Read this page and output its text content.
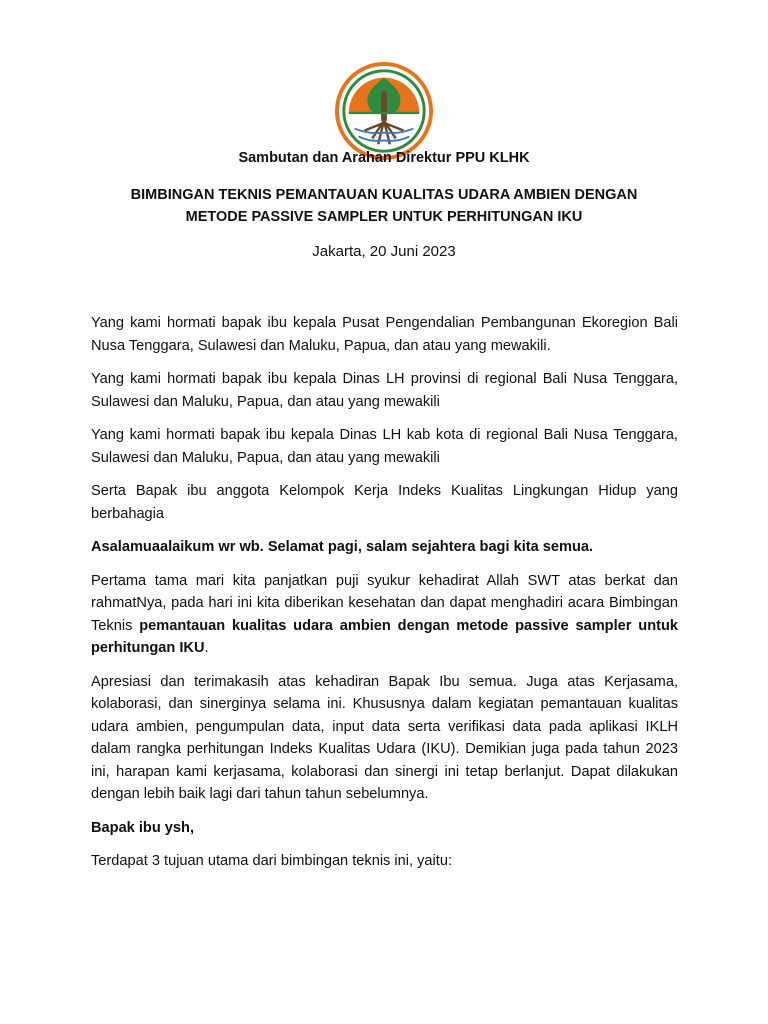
Sambutan dan Arahan Direktur PPU KLHK
BIMBINGAN TEKNIS PEMANTAUAN KUALITAS UDARA AMBIEN DENGAN
METODE PASSIVE SAMPLER UNTUK PERHITUNGAN IKU
Jakarta, 20 Juni 2023

Yang kami hormati bapak ibu kepala Pusat Pengendalian Pembangunan Ekoregion Bali Nusa Tenggara, Sulawesi dan Maluku, Papua, dan atau yang mewakili.

Yang kami hormati bapak ibu kepala Dinas LH provinsi di regional Bali Nusa Tenggara, Sulawesi dan Maluku, Papua, dan atau yang mewakili

Yang kami hormati bapak ibu kepala Dinas LH kab kota di regional Bali Nusa Tenggara, Sulawesi dan Maluku, Papua, dan atau yang mewakili

Serta Bapak ibu anggota Kelompok Kerja Indeks Kualitas Lingkungan Hidup yang berbahagia

Asalamuaalaikum wr wb. Selamat pagi, salam sejahtera bagi kita semua.

Pertama tama mari kita panjatkan puji syukur kehadirat Allah SWT atas berkat dan rahmatNya, pada hari ini kita diberikan kesehatan dan dapat menghadiri acara Bimbingan Teknis pemantauan kualitas udara ambien dengan metode passive sampler untuk perhitungan IKU.

Apresiasi dan terimakasih atas kehadiran Bapak Ibu semua. Juga atas Kerjasama, kolaborasi, dan sinerginya selama ini. Khususnya dalam kegiatan pemantauan kualitas udara ambien, pengumpulan data, input data serta verifikasi data pada aplikasi IKLH dalam rangka perhitungan Indeks Kualitas Udara (IKU). Demikian juga pada tahun 2023 ini, harapan kami kerjasama, kolaborasi dan sinergi ini tetap berlanjut. Dapat dilakukan dengan lebih baik lagi dari tahun tahun sebelumnya.

Bapak ibu ysh,

Terdapat 3 tujuan utama dari bimbingan teknis ini, yaitu:
